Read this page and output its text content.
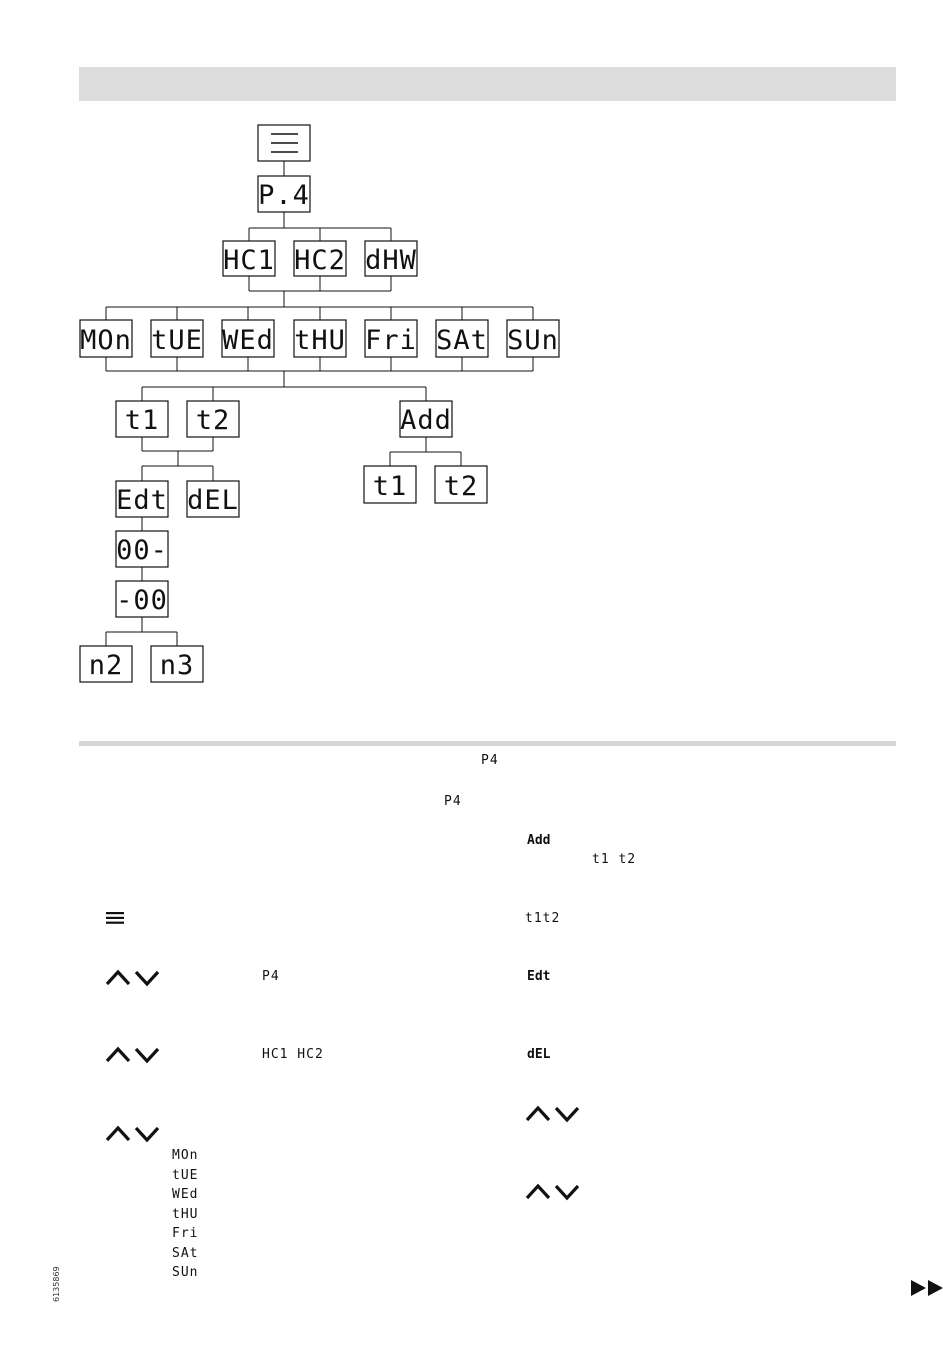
P.4
HC1 HC2 dHW
MOn tUE WEd tHU Fri SAt SUn
t1 t2	Add
Edt dEL	t1 t2
00-
-00
n2 n3
P4
P4
Add
t1 t2
t1t2
Edt
dEL
P4
HC1 HC2
MOn
tUE
WEd
tHU
Fri
SAt
SUn
6135869
